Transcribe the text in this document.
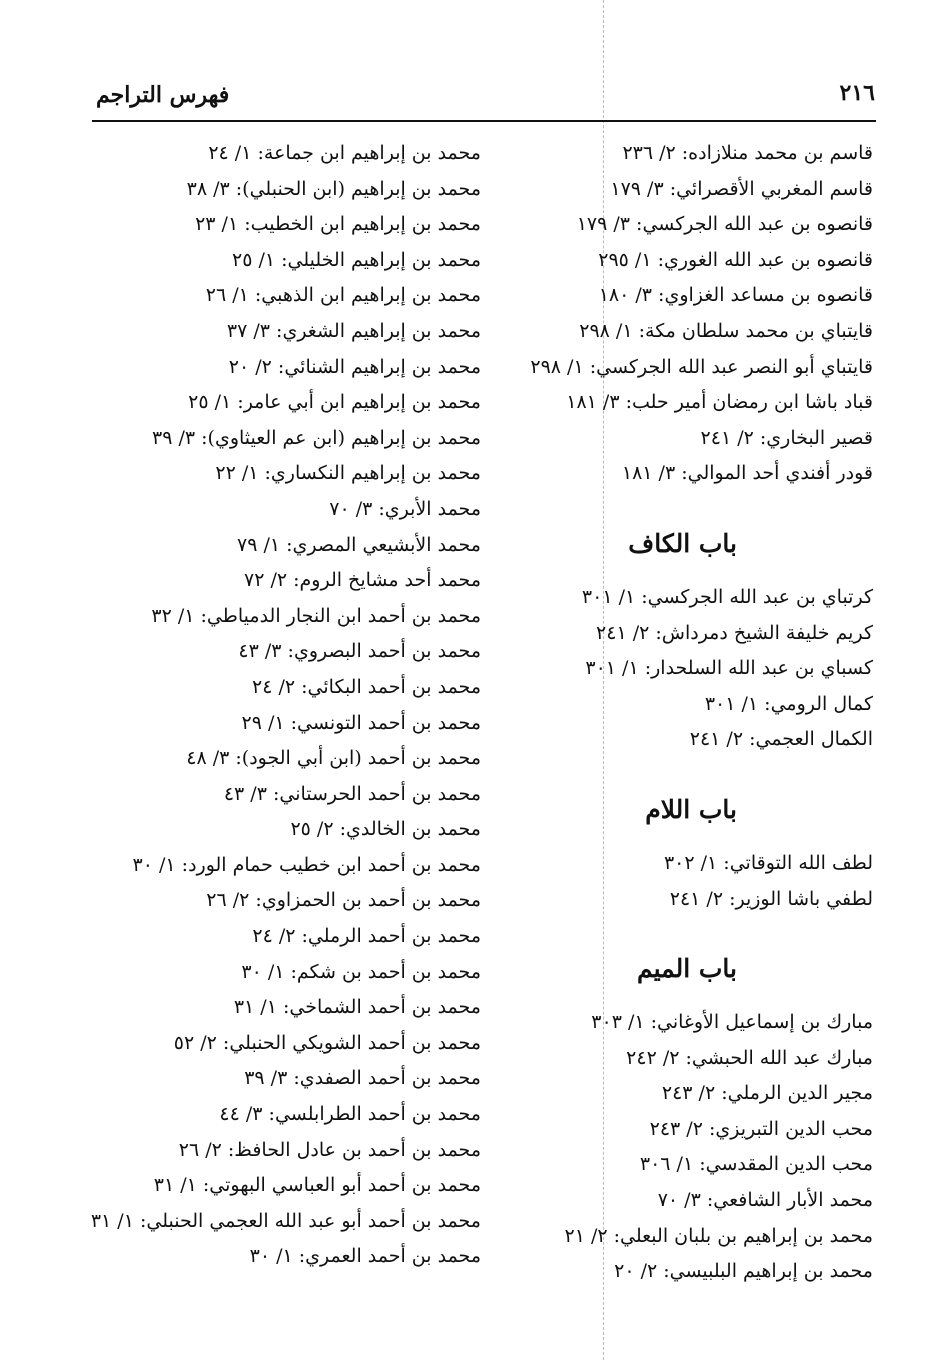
٢١٦
فهرس التراجم
قاسم بن محمد منلازاده: ٢/ ٢٣٦
قاسم المغربي الأقصرائي: ٣/ ١٧٩
قانصوه بن عبد الله الجركسي: ٣/ ١٧٩
قانصوه بن عبد الله الغوري: ١/ ٢٩٥
قانصوه بن مساعد الغزاوي: ٣/ ١٨٠
قايتباي بن محمد سلطان مكة: ١/ ٢٩٨
قايتباي أبو النصر عبد الله الجركسي: ١/ ٢٩٨
قباد باشا ابن رمضان أمير حلب: ٣/ ١٨١
قصير البخاري: ٢/ ٢٤١
قودر أفندي أحد الموالي: ٣/ ١٨١
باب الكاف
كرتباي بن عبد الله الجركسي: ١/ ٣٠١
كريم خليفة الشيخ دمرداش: ٢/ ٢٤١
كسباي بن عبد الله السلحدار: ١/ ٣٠١
كمال الرومي: ١/ ٣٠١
الكمال العجمي: ٢/ ٢٤١
باب اللام
لطف الله التوقاتي: ١/ ٣٠٢
لطفي باشا الوزير: ٢/ ٢٤١
باب الميم
مبارك بن إسماعيل الأوغاني: ١/ ٣٠٣
مبارك عبد الله الحبشي: ٢/ ٢٤٢
مجير الدين الرملي: ٢/ ٢٤٣
محب الدين التبريزي: ٢/ ٢٤٣
محب الدين المقدسي: ١/ ٣٠٦
محمد الأبار الشافعي: ٣/ ٧٠
محمد بن إبراهيم بن بلبان البعلي: ٢/ ٢١
محمد بن إبراهيم البلبيسي: ٢/ ٢٠
محمد بن إبراهيم ابن جماعة: ١/ ٢٤
محمد بن إبراهيم (ابن الحنبلي): ٣/ ٣٨
محمد بن إبراهيم ابن الخطيب: ١/ ٢٣
محمد بن إبراهيم الخليلي: ١/ ٢٥
محمد بن إبراهيم ابن الذهبي: ١/ ٢٦
محمد بن إبراهيم الشغري: ٣/ ٣٧
محمد بن إبراهيم الشنائي: ٢/ ٢٠
محمد بن إبراهيم ابن أبي عامر: ١/ ٢٥
محمد بن إبراهيم (ابن عم العيثاوي): ٣/ ٣٩
محمد بن إبراهيم النكساري: ١/ ٢٢
محمد الأبري: ٣/ ٧٠
محمد الأبشيعي المصري: ١/ ٧٩
محمد أحد مشايخ الروم: ٢/ ٧٢
محمد بن أحمد ابن النجار الدمياطي: ١/ ٣٢
محمد بن أحمد البصروي: ٣/ ٤٣
محمد بن أحمد البكائي: ٢/ ٢٤
محمد بن أحمد التونسي: ١/ ٢٩
محمد بن أحمد (ابن أبي الجود): ٣/ ٤٨
محمد بن أحمد الحرستاني: ٣/ ٤٣
محمد بن الخالدي: ٢/ ٢٥
محمد بن أحمد ابن خطيب حمام الورد: ١/ ٣٠
محمد بن أحمد بن الحمزاوي: ٢/ ٢٦
محمد بن أحمد الرملي: ٢/ ٢٤
محمد بن أحمد بن شكم: ١/ ٣٠
محمد بن أحمد الشماخي: ١/ ٣١
محمد بن أحمد الشويكي الحنبلي: ٢/ ٥٢
محمد بن أحمد الصفدي: ٣/ ٣٩
محمد بن أحمد الطرابلسي: ٣/ ٤٤
محمد بن أحمد بن عادل الحافظ: ٢/ ٢٦
محمد بن أحمد أبو العباسي البهوتي: ١/ ٣١
محمد بن أحمد أبو عبد الله العجمي الحنبلي: ١/ ٣١
محمد بن أحمد العمري: ١/ ٣٠
